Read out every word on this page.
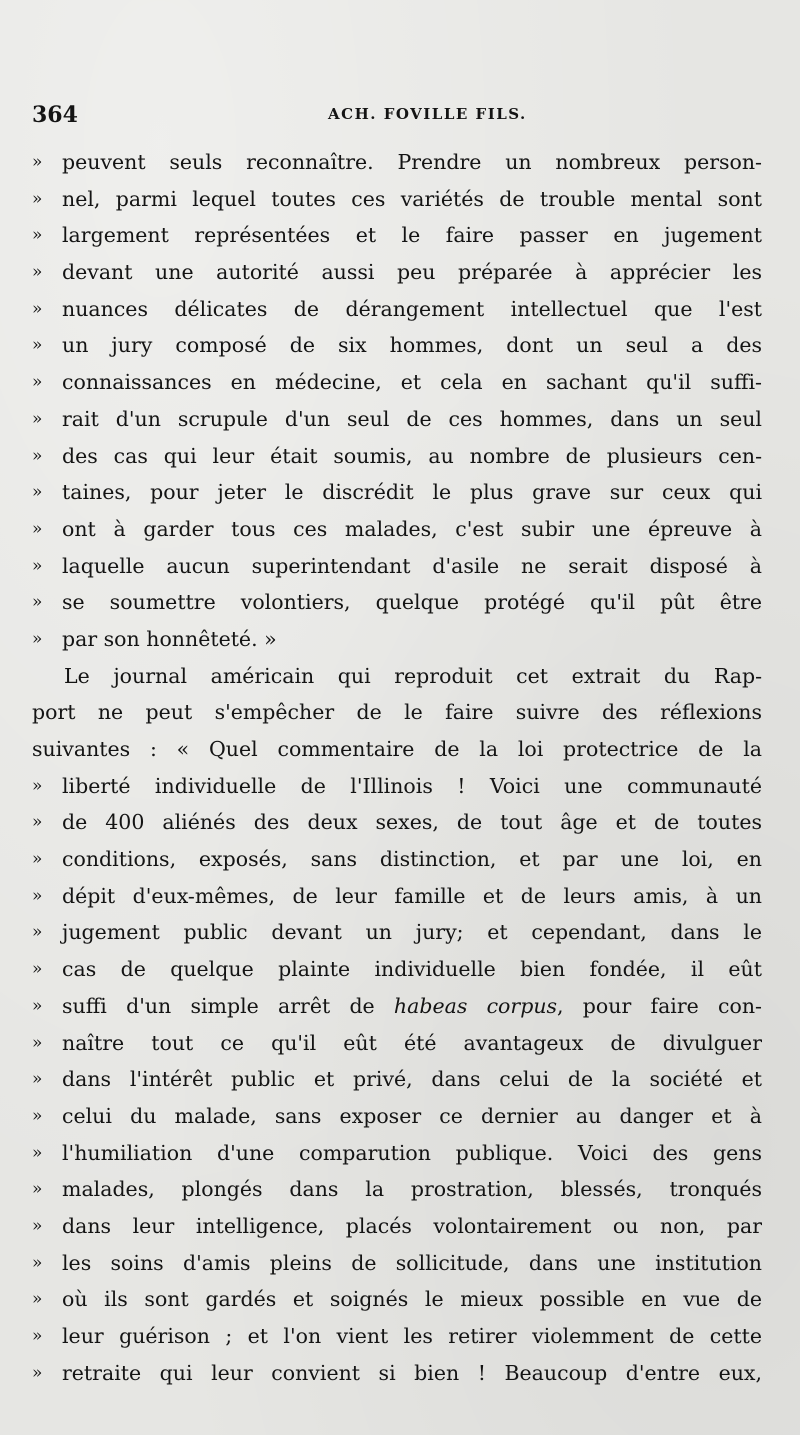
364	ACH. FOVILLE FILS.
» peuvent seuls reconnaître. Prendre un nombreux person-
» nel, parmi lequel toutes ces variétés de trouble mental sont
» largement représentées et le faire passer en jugement
» devant une autorité aussi peu préparée à apprécier les
» nuances délicates de dérangement intellectuel que l'est
» un jury composé de six hommes, dont un seul a des
» connaissances en médecine, et cela en sachant qu'il suffi-
» rait d'un scrupule d'un seul de ces hommes, dans un seul
» des cas qui leur était soumis, au nombre de plusieurs cen-
» taines, pour jeter le discrédit le plus grave sur ceux qui
» ont à garder tous ces malades, c'est subir une épreuve à
» laquelle aucun superintendant d'asile ne serait disposé à
» se soumettre volontiers, quelque protégé qu'il pût être
» par son honnêteté. »
Le journal américain qui reproduit cet extrait du Rap-
port ne peut s'empêcher de le faire suivre des réflexions
suivantes : « Quel commentaire de la loi protectrice de la
» liberté individuelle de l'Illinois ! Voici une communauté
» de 400 aliénés des deux sexes, de tout âge et de toutes
» conditions, exposés, sans distinction, et par une loi, en
» dépit d'eux-mêmes, de leur famille et de leurs amis, à un
» jugement public devant un jury; et cependant, dans le
» cas de quelque plainte individuelle bien fondée, il eût
» suffi d'un simple arrêt de habeas corpus, pour faire con-
» naître tout ce qu'il eût été avantageux de divulguer
» dans l'intérêt public et privé, dans celui de la société et
» celui du malade, sans exposer ce dernier au danger et à
» l'humiliation d'une comparution publique. Voici des gens
» malades, plongés dans la prostration, blessés, tronqués
» dans leur intelligence, placés volontairement ou non, par
» les soins d'amis pleins de sollicitude, dans une institution
» où ils sont gardés et soignés le mieux possible en vue de
» leur guérison ; et l'on vient les retirer violemment de cette
» retraite qui leur convient si bien ! Beaucoup d'entre eux,
